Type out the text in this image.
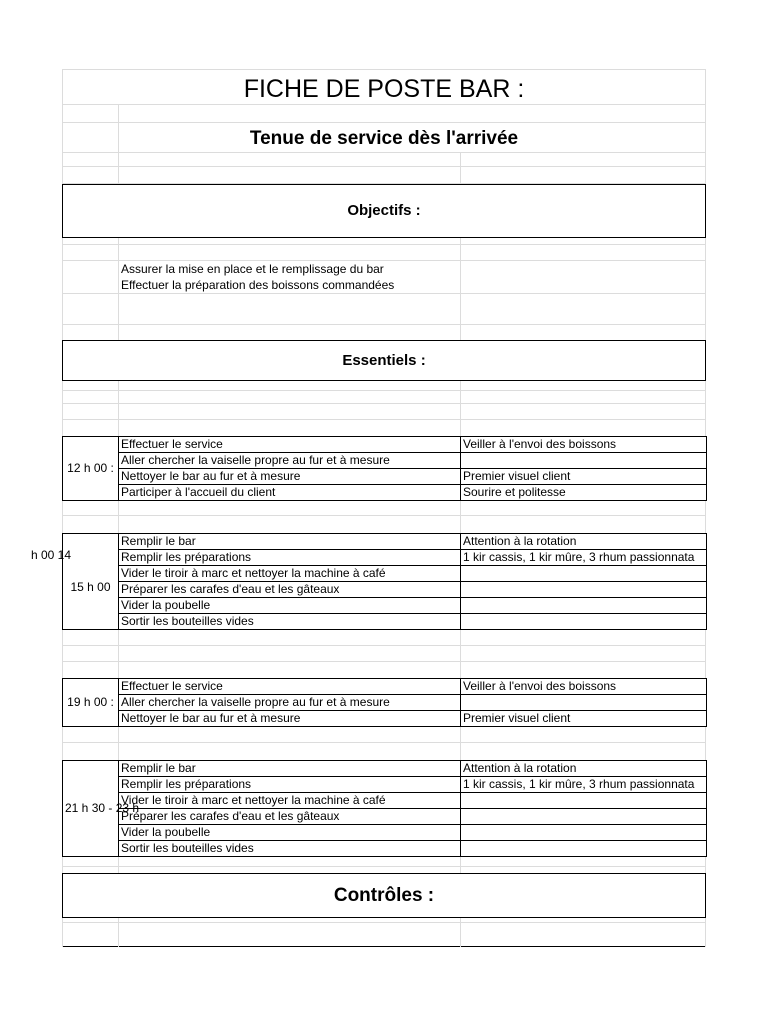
FICHE DE POSTE BAR :
Tenue de service dès l'arrivée
Objectifs :
Assurer la mise en place et le remplissage du bar
Effectuer la préparation des boissons commandées
Essentiels :
12 h 00 :	Effectuer le service	Veiller à l'envoi des boissons
	Aller chercher la vaiselle propre au fur et à mesure	
	Nettoyer le bar au fur et à mesure	Premier visuel client
	Participer à l'accueil du client	Sourire et politesse
14 h 00
15 h 00	Remplir le bar	Attention à la rotation
	Remplir les préparations	1 kir cassis, 1 kir mûre, 3 rhum passionnata
	Vider le tiroir à marc et nettoyer la machine à café	
	Préparer les carafes d'eau et les gâteaux	
	Vider la poubelle	
	Sortir les bouteilles vides	
19 h 00 :	Effectuer le service	Veiller à l'envoi des boissons
	Aller chercher la vaiselle propre au fur et à mesure	
	Nettoyer le bar au fur et à mesure	Premier visuel client
21 h 30 - 23 h	Remplir le bar	Attention à la rotation
	Remplir les préparations	1 kir cassis, 1 kir mûre, 3 rhum passionnata
	Vider le tiroir à marc et nettoyer la machine à café	
	Préparer les carafes d'eau et les gâteaux	
	Vider la poubelle	
	Sortir les bouteilles vides	
Contrôles :
